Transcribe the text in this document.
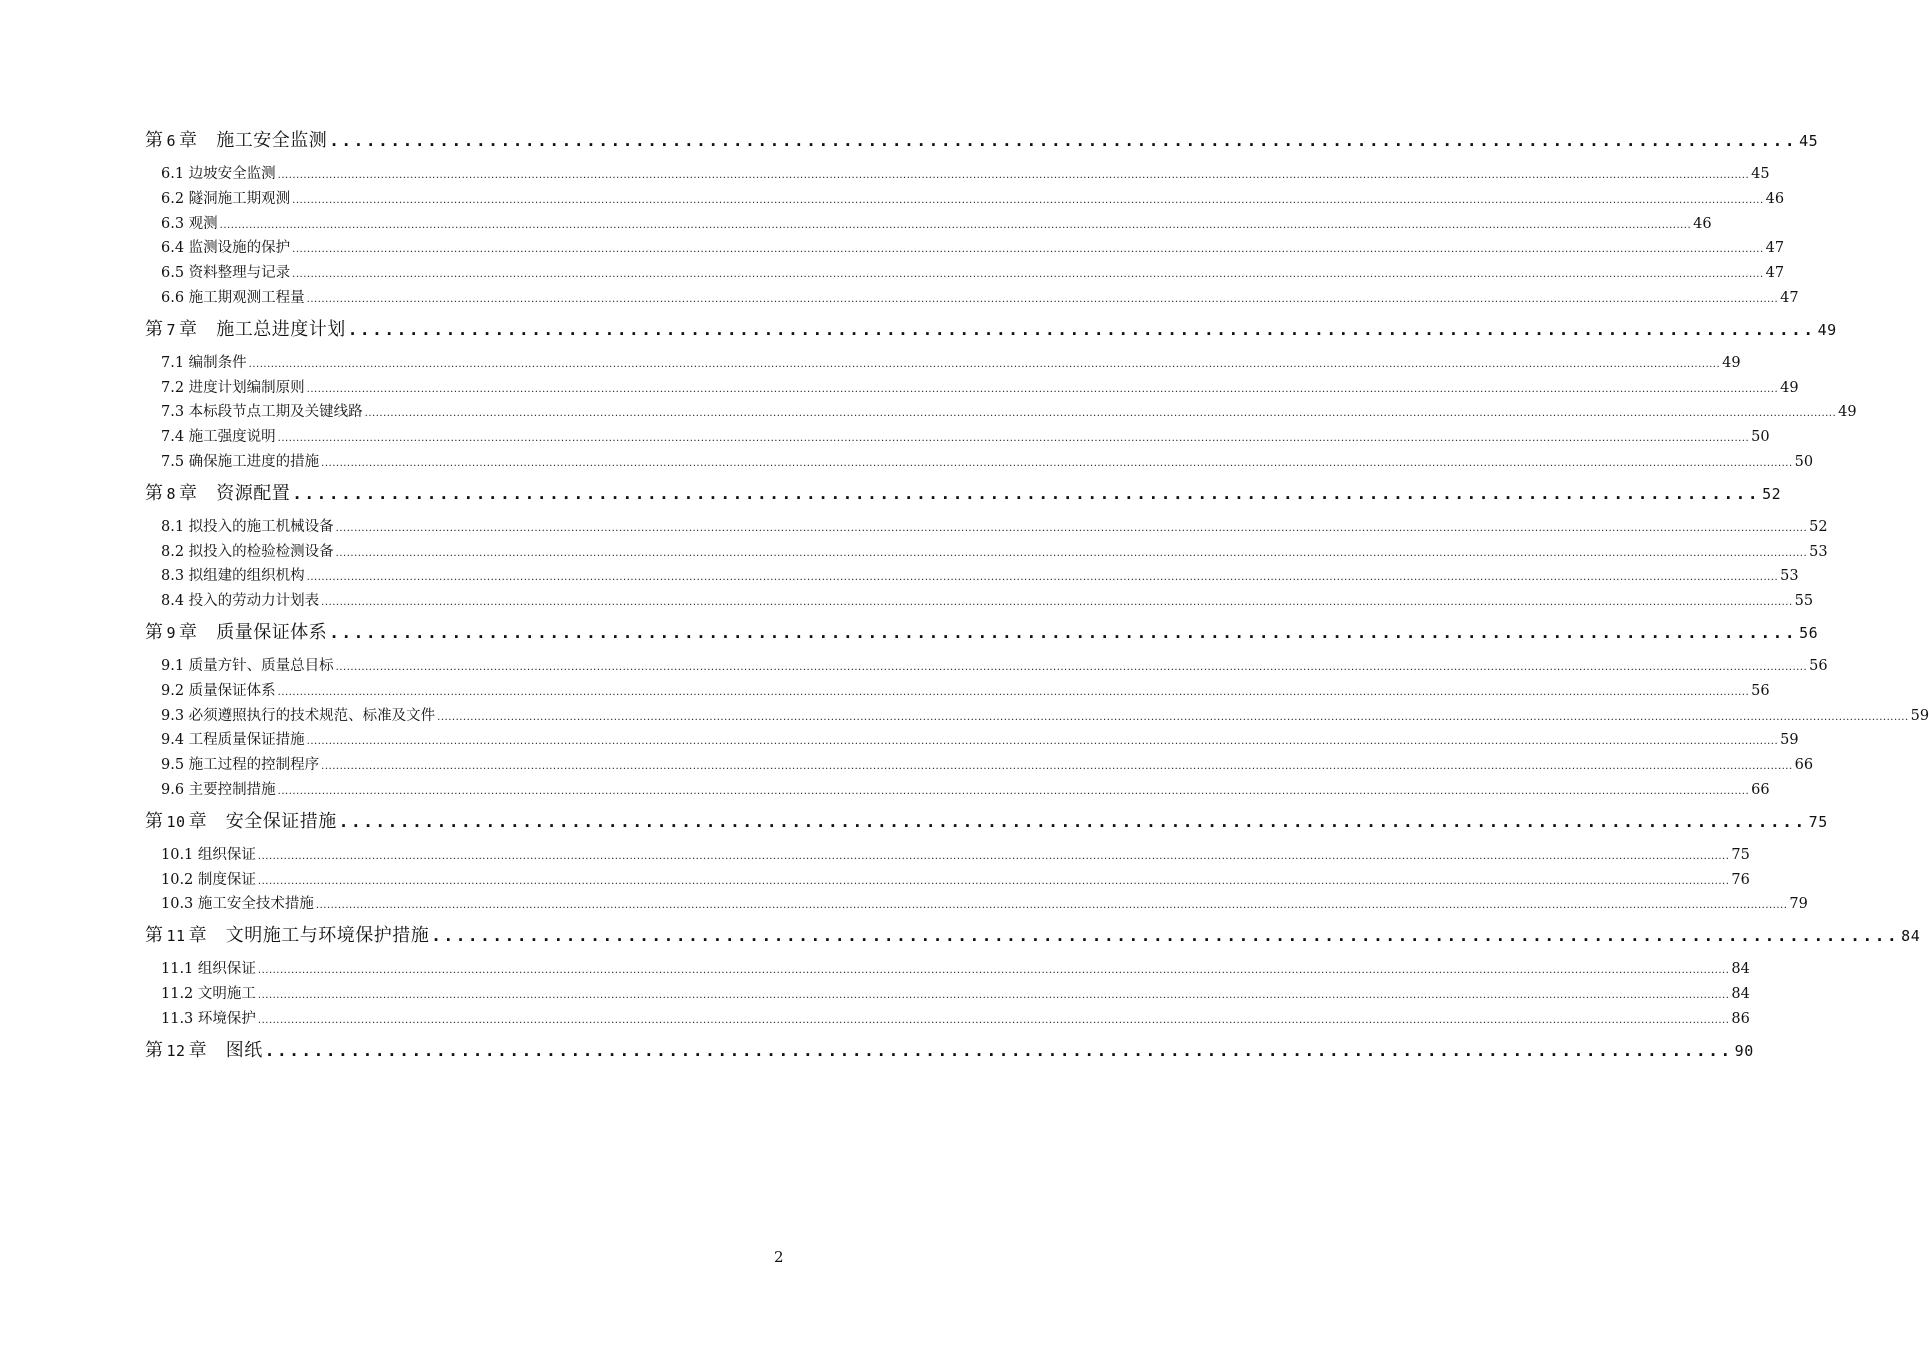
第 6 章 施工安全监测 ........................................................................................................................ 45
6.1 边坡安全监测 ................................................................................................................................................................................................................................................................................................................................................................................................................ 45
6.2 隧洞施工期观测 ................................................................................................................................................................................................................................................................................................................................................................................................................ 46
6.3 观测 ................................................................................................................................................................................................................................................................................................................................................................................................................ 46
6.4 监测设施的保护 ................................................................................................................................................................................................................................................................................................................................................................................................................ 47
6.5 资料整理与记录 ................................................................................................................................................................................................................................................................................................................................................................................................................ 47
6.6 施工期观测工程量 ................................................................................................................................................................................................................................................................................................................................................................................................................ 47
第 7 章 施工总进度计划 ........................................................................................................................ 49
7.1 编制条件 ................................................................................................................................................................................................................................................................................................................................................................................................................ 49
7.2 进度计划编制原则 ................................................................................................................................................................................................................................................................................................................................................................................................................ 49
7.3 本标段节点工期及关键线路 ................................................................................................................................................................................................................................................................................................................................................................................................................ 49
7.4 施工强度说明 ................................................................................................................................................................................................................................................................................................................................................................................................................ 50
7.5 确保施工进度的措施 ................................................................................................................................................................................................................................................................................................................................................................................................................ 50
第 8 章 资源配置 ........................................................................................................................ 52
8.1 拟投入的施工机械设备 ................................................................................................................................................................................................................................................................................................................................................................................................................ 52
8.2 拟投入的检验检测设备 ................................................................................................................................................................................................................................................................................................................................................................................................................ 53
8.3 拟组建的组织机构 ................................................................................................................................................................................................................................................................................................................................................................................................................ 53
8.4 投入的劳动力计划表 ................................................................................................................................................................................................................................................................................................................................................................................................................ 55
第 9 章 质量保证体系 ........................................................................................................................ 56
9.1 质量方针、质量总目标 ................................................................................................................................................................................................................................................................................................................................................................................................................ 56
9.2 质量保证体系 ................................................................................................................................................................................................................................................................................................................................................................................................................ 56
9.3 必须遵照执行的技术规范、标准及文件 ................................................................................................................................................................................................................................................................................................................................................................................................................ 59
9.4 工程质量保证措施 ................................................................................................................................................................................................................................................................................................................................................................................................................ 59
9.5 施工过程的控制程序 ................................................................................................................................................................................................................................................................................................................................................................................................................ 66
9.6 主要控制措施 ................................................................................................................................................................................................................................................................................................................................................................................................................ 66
第 10 章 安全保证措施 ........................................................................................................................ 75
10.1 组织保证 ................................................................................................................................................................................................................................................................................................................................................................................................................ 75
10.2 制度保证 ................................................................................................................................................................................................................................................................................................................................................................................................................ 76
10.3 施工安全技术措施 ................................................................................................................................................................................................................................................................................................................................................................................................................ 79
第 11 章 文明施工与环境保护措施 ........................................................................................................................ 84
11.1 组织保证 ................................................................................................................................................................................................................................................................................................................................................................................................................ 84
11.2 文明施工 ................................................................................................................................................................................................................................................................................................................................................................................................................ 84
11.3 环境保护 ................................................................................................................................................................................................................................................................................................................................................................................................................ 86
第 12 章 图纸 ........................................................................................................................ 90
2
